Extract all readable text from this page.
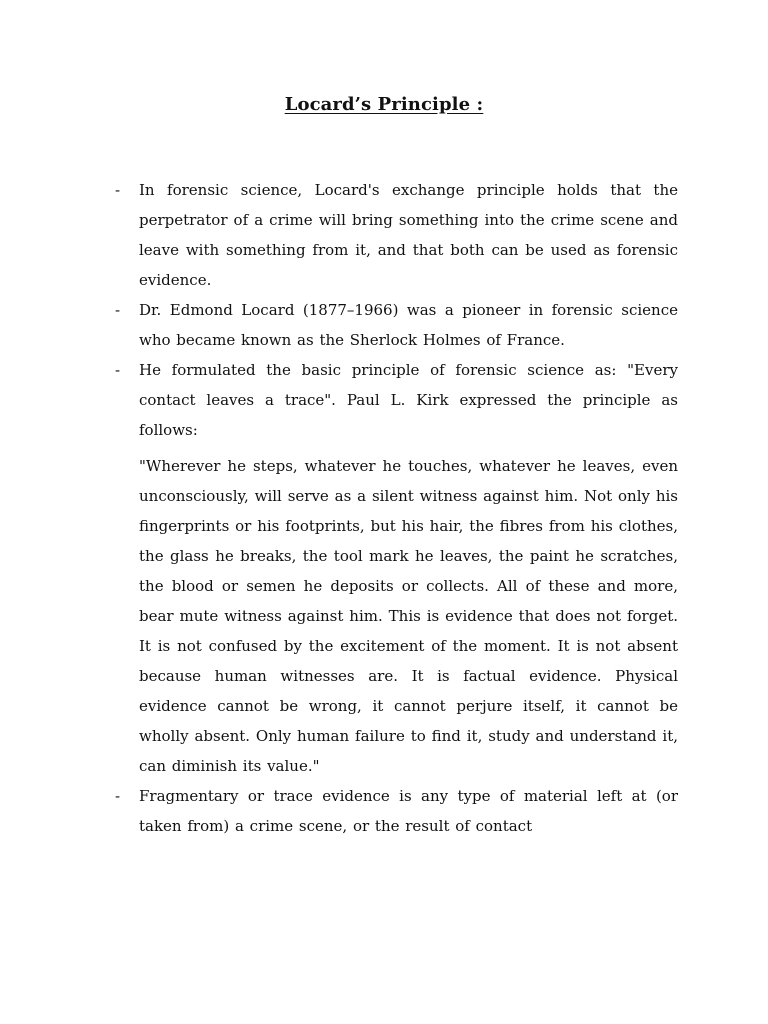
Locard’s Principle :
- In forensic science, Locard's exchange principle holds that the perpetrator of a crime will bring something into the crime scene and leave with something from it, and that both can be used as forensic evidence.
- Dr. Edmond Locard (1877–1966) was a pioneer in forensic science who became known as the Sherlock Holmes of France.
- He formulated the basic principle of forensic science as: "Every contact leaves a trace". Paul L. Kirk expressed the principle as follows:
"Wherever he steps, whatever he touches, whatever he leaves, even unconsciously, will serve as a silent witness against him. Not only his fingerprints or his footprints, but his hair, the fibres from his clothes, the glass he breaks, the tool mark he leaves, the paint he scratches, the blood or semen he deposits or collects. All of these and more, bear mute witness against him. This is evidence that does not forget. It is not confused by the excitement of the moment. It is not absent because human witnesses are. It is factual evidence. Physical evidence cannot be wrong, it cannot perjure itself, it cannot be wholly absent. Only human failure to find it, study and understand it, can diminish its value."
- Fragmentary or trace evidence is any type of material left at (or taken from) a crime scene, or the result of contact
